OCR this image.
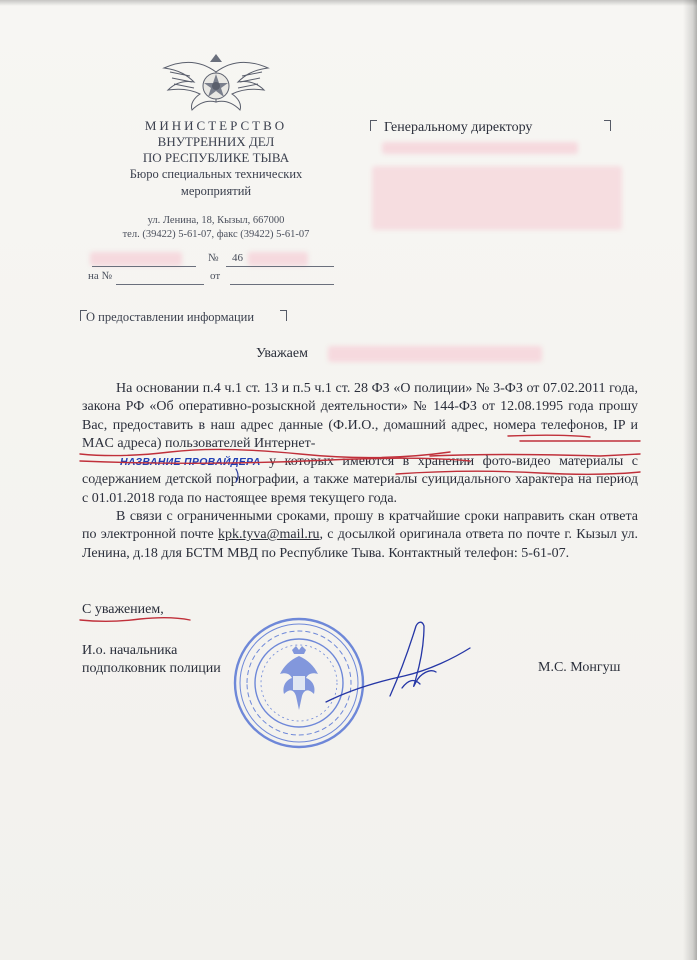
МИНИСТЕРСТВО
ВНУТРЕННИХ ДЕЛ
ПО РЕСПУБЛИКЕ ТЫВА
Бюро специальных технических
мероприятий
ул. Ленина, 18, Кызыл, 667000
тел. (39422) 5-61-07, факс (39422) 5-61-07
№ 46
на №	от
Генеральному директору
О предоставлении информации
Уважаем

На основании п.4 ч.1 ст. 13 и п.5 ч.1 ст. 28 ФЗ «О полиции» № 3-ФЗ от 07.02.2011 года, закона РФ «Об оперативно-розыскной деятельности» № 144-ФЗ от 12.08.1995 года прошу Вас, предоставить в наш адрес данные (Ф.И.О., домашний адрес, номера телефонов, IP и MAC адреса) пользователей Интернет-
НАЗВАНИЕ ПРОВАЙДЕРА у которых имеются в хранении фото-видео материалы с содержанием детской порнографии, а также материалы суицидального характера на период с 01.01.2018 года по настоящее время текущего года.

В связи с ограниченными сроками, прошу в кратчайшие сроки направить скан ответа по электронной почте kpk.tyva@mail.ru, с досылкой оригинала ответа по почте г. Кызыл ул. Ленина, д.18 для БСТМ МВД по Республике Тыва. Контактный телефон: 5-61-07.

С уважением,
И.о. начальника
подполковник полиции	М.С. Монгуш
